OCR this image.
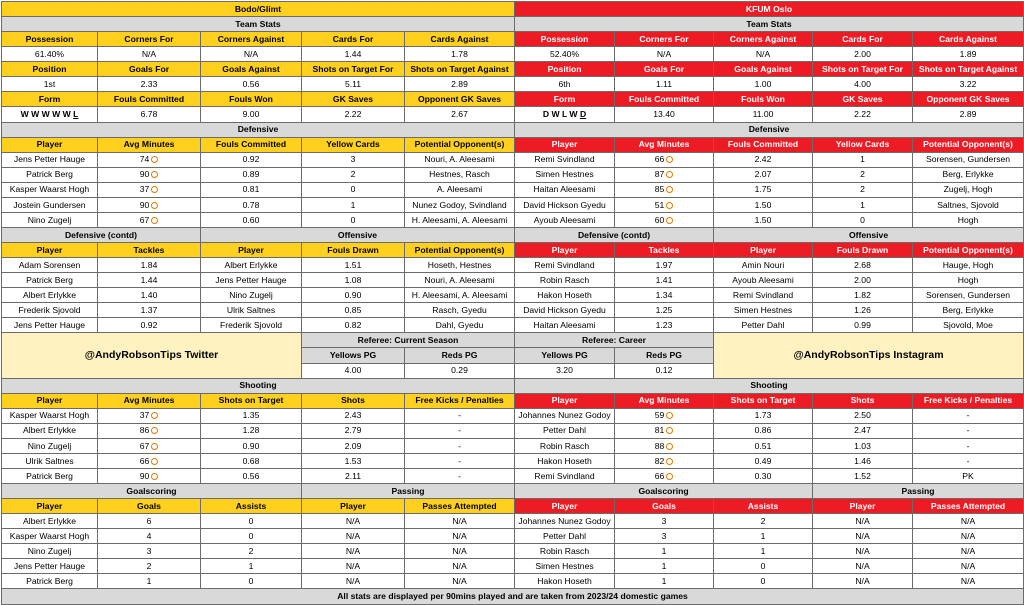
Bodo/Glimt					KFUM Oslo				
Team Stats					Team Stats				
Possession	Corners For	Corners Against	Cards For	Cards Against	Possession	Corners For	Corners Against	Cards For	Cards Against
61.40%	N/A	N/A	1.44	1.78	52.40%	N/A	N/A	2.00	1.89
Position	Goals For	Goals Against	Shots on Target For	Shots on Target Against	Position	Goals For	Goals Against	Shots on Target For	Shots on Target Against
1st	2.33	0.56	5.11	2.89	6th	1.11	1.00	4.00	3.22
Form	Fouls Committed	Fouls Won	GK Saves	Opponent GK Saves	Form	Fouls Committed	Fouls Won	GK Saves	Opponent GK Saves
W W W W W L	6.78	9.00	2.22	2.67	D W L W D	13.40	11.00	2.22	2.89
Defensive					Defensive				
Player	Avg Minutes	Fouls Committed	Yellow Cards	Potential Opponent(s)	Player	Avg Minutes	Fouls Committed	Yellow Cards	Potential Opponent(s)
Jens Petter Hauge	74	0.92	3	Nouri, A. Aleesami	Remi Svindland	66	2.42	1	Sorensen, Gundersen
Patrick Berg	90	0.89	2	Hestnes, Rasch	Simen Hestnes	87	2.07	2	Berg, Erlykke
Kasper Waarst Hogh	37	0.81	0	A. Aleesami	Haitan Aleesami	85	1.75	2	Zugelj, Hogh
Jostein Gundersen	90	0.78	1	Nunez Godoy, Svindland	David Hickson Gyedu	51	1.50	1	Saltnes, Sjovold
Nino Zugelj	67	0.60	0	H. Aleesami, A. Aleesami	Ayoub Aleesami	60	1.50	0	Hogh
Defensive (contd)		Offensive			Defensive (contd)		Offensive		
Player	Tackles	Player	Fouls Drawn	Potential Opponent(s)	Player	Tackles	Player	Fouls Drawn	Potential Opponent(s)
Adam Sorensen	1.84	Albert Erlykke	1.51	Hoseth, Hestnes	Remi Svindland	1.97	Amin Nouri	2.68	Hauge, Hogh
Patrick Berg	1.44	Jens Petter Hauge	1.08	Nouri, A. Aleesami	Robin Rasch	1.41	Ayoub Aleesami	2.00	Hogh
Albert Erlykke	1.40	Nino Zugelj	0.90	H. Aleesami, A. Aleesami	Hakon Hoseth	1.34	Remi Svindland	1.82	Sorensen, Gundersen
Frederik Sjovold	1.37	Ulrik Saltnes	0.85	Rasch, Gyedu	David Hickson Gyedu	1.25	Simen Hestnes	1.26	Berg, Erlykke
Jens Petter Hauge	0.92	Frederik Sjovold	0.82	Dahl, Gyedu	Haitan Aleesami	1.23	Petter Dahl	0.99	Sjovold, Moe
@AndyRobsonTips Twitter			Referee: Current Season		Referee: Career		@AndyRobsonTips Instagram		
			Yellows PG	Reds PG	Yellows PG	Reds PG			
			4.00	0.29	3.20	0.12			
Shooting					Shooting				
Player	Avg Minutes	Shots on Target	Shots	Free Kicks / Penalties	Player	Avg Minutes	Shots on Target	Shots	Free Kicks / Penalties
Kasper Waarst Hogh	37	1.35	2.43	-	Johannes Nunez Godoy	59	1.73	2.50	-
Albert Erlykke	86	1.28	2.79	-	Petter Dahl	81	0.86	2.47	-
Nino Zugelj	67	0.90	2.09	-	Robin Rasch	88	0.51	1.03	-
Ulrik Saltnes	66	0.68	1.53	-	Hakon Hoseth	82	0.49	1.46	-
Patrick Berg	90	0.56	2.11	-	Remi Svindland	66	0.30	1.52	PK
Goalscoring			Passing		Goalscoring			Passing	
Player	Goals	Assists	Player	Passes Attempted	Player	Goals	Assists	Player	Passes Attempted
Albert Erlykke	6	0	N/A	N/A	Johannes Nunez Godoy	3	2	N/A	N/A
Kasper Waarst Hogh	4	0	N/A	N/A	Petter Dahl	3	1	N/A	N/A
Nino Zugelj	3	2	N/A	N/A	Robin Rasch	1	1	N/A	N/A
Jens Petter Hauge	2	1	N/A	N/A	Simen Hestnes	1	0	N/A	N/A
Patrick Berg	1	0	N/A	N/A	Hakon Hoseth	1	0	N/A	N/A
All stats are displayed per 90mins played and are taken from 2023/24 domestic games									
